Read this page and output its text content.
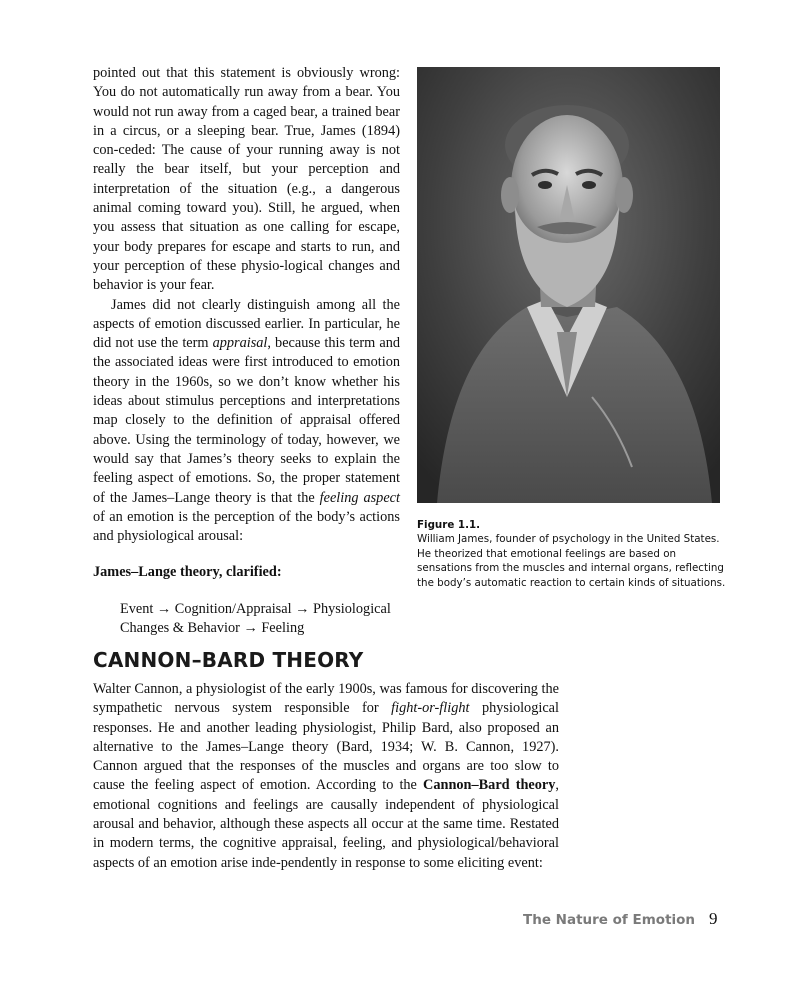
pointed out that this statement is obviously wrong: You do not automatically run away from a bear. You would not run away from a caged bear, a trained bear in a circus, or a sleeping bear. True, James (1894) con-ceded: The cause of your running away is not really the bear itself, but your perception and interpretation of the situation (e.g., a dangerous animal coming toward you). Still, he argued, when you assess that situation as one calling for escape, your body prepares for escape and starts to run, and your perception of these physio-logical changes and behavior is your fear.

James did not clearly distinguish among all the aspects of emotion discussed earlier. In particular, he did not use the term appraisal, because this term and the associated ideas were first introduced to emotion theory in the 1960s, so we don’t know whether his ideas about stimulus perceptions and interpretations map closely to the definition of appraisal offered above. Using the terminology of today, however, we would say that James’s theory seeks to explain the feeling aspect of emotions. So, the proper statement of the James–Lange theory is that the feeling aspect of an emotion is the perception of the body’s actions and physiological arousal:

James–Lange theory, clarified:

Event → Cognition/Appraisal → Physiological
Changes & Behavior → Feeling

Figure 1.1.
William James, founder of psychology in the United States. He theorized that emotional feelings are based on sensations from the muscles and internal organs, reflecting the body’s automatic reaction to certain kinds of situations.
CANNON–BARD THEORY

Walter Cannon, a physiologist of the early 1900s, was famous for discovering the sympathetic nervous system responsible for fight-or-flight physiological responses. He and another leading physiologist, Philip Bard, also proposed an alternative to the James–Lange theory (Bard, 1934; W. B. Cannon, 1927). Cannon argued that the responses of the muscles and organs are too slow to cause the feeling aspect of emotion. According to the Cannon–Bard theory, emotional cognitions and feelings are causally independent of physiological arousal and behavior, although these aspects all occur at the same time. Restated in modern terms, the cognitive appraisal, feeling, and physiological/behavioral aspects of an emotion arise inde-pendently in response to some eliciting event:

The Nature of Emotion 9
